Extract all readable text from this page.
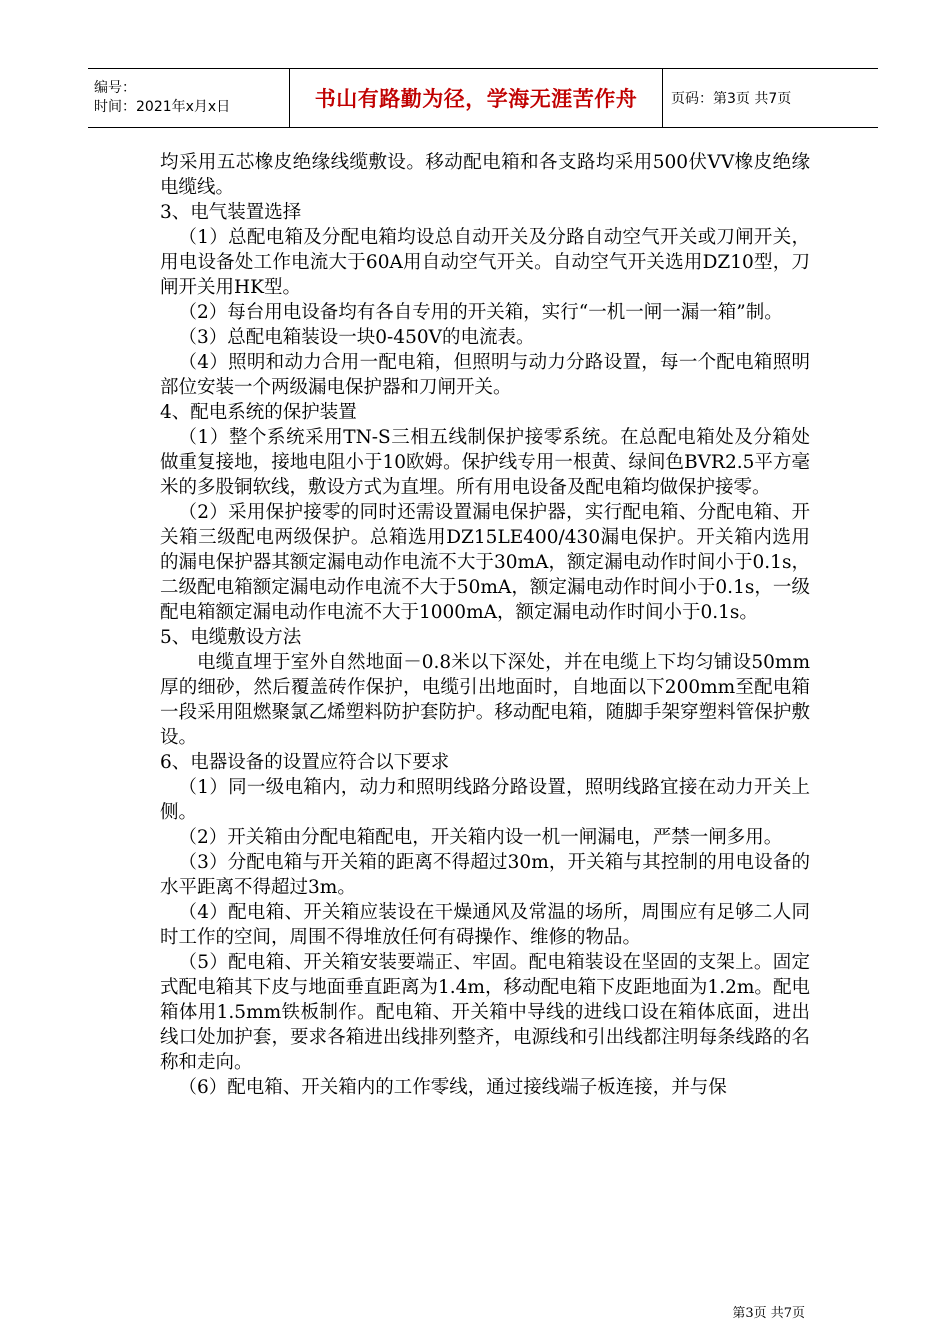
编号：
时间：2021年x月x日	书山有路勤为径，学海无涯苦作舟	页码：第3页 共7页

均采用五芯橡皮绝缘线缆敷设。移动配电箱和各支路均采用500伏VV橡皮绝缘电缆线。

3、电气装置选择

（1）总配电箱及分配电箱均设总自动开关及分路自动空气开关或刀闸开关，用电设备处工作电流大于60A用自动空气开关。自动空气开关选用DZ10型，刀闸开关用HK型。

（2）每台用电设备均有各自专用的开关箱，实行“一机一闸一漏一箱”制。

（3）总配电箱装设一块0-450V的电流表。

（4）照明和动力合用一配电箱，但照明与动力分路设置，每一个配电箱照明部位安装一个两级漏电保护器和刀闸开关。

4、配电系统的保护装置

（1）整个系统采用TN-S三相五线制保护接零系统。在总配电箱处及分箱处做重复接地，接地电阻小于10欧姆。保护线专用一根黄、绿间色BVR2.5平方毫米的多股铜软线，敷设方式为直埋。所有用电设备及配电箱均做保护接零。

（2）采用保护接零的同时还需设置漏电保护器，实行配电箱、分配电箱、开关箱三级配电两级保护。总箱选用DZ15LE400/430漏电保护。开关箱内选用的漏电保护器其额定漏电动作电流不大于30mA，额定漏电动作时间小于0.1s，二级配电箱额定漏电动作电流不大于50mA，额定漏电动作时间小于0.1s，一级配电箱额定漏电动作电流不大于1000mA，额定漏电动作时间小于0.1s。

5、电缆敷设方法

电缆直埋于室外自然地面－0.8米以下深处，并在电缆上下均匀铺设50mm厚的细砂，然后覆盖砖作保护，电缆引出地面时，自地面以下200mm至配电箱一段采用阻燃聚氯乙烯塑料防护套防护。移动配电箱，随脚手架穿塑料管保护敷设。

6、电器设备的设置应符合以下要求

（1）同一级电箱内，动力和照明线路分路设置，照明线路宜接在动力开关上侧。

（2）开关箱由分配电箱配电，开关箱内设一机一闸漏电，严禁一闸多用。

（3）分配电箱与开关箱的距离不得超过30m，开关箱与其控制的用电设备的水平距离不得超过3m。

（4）配电箱、开关箱应装设在干燥通风及常温的场所，周围应有足够二人同时工作的空间，周围不得堆放任何有碍操作、维修的物品。

（5）配电箱、开关箱安装要端正、牢固。配电箱装设在坚固的支架上。固定式配电箱其下皮与地面垂直距离为1.4m，移动配电箱下皮距地面为1.2m。配电箱体用1.5mm铁板制作。配电箱、开关箱中导线的进线口设在箱体底面，进出线口处加护套，要求各箱进出线排列整齐，电源线和引出线都注明每条线路的名称和走向。

（6）配电箱、开关箱内的工作零线，通过接线端子板连接，并与保

第3页 共7页
